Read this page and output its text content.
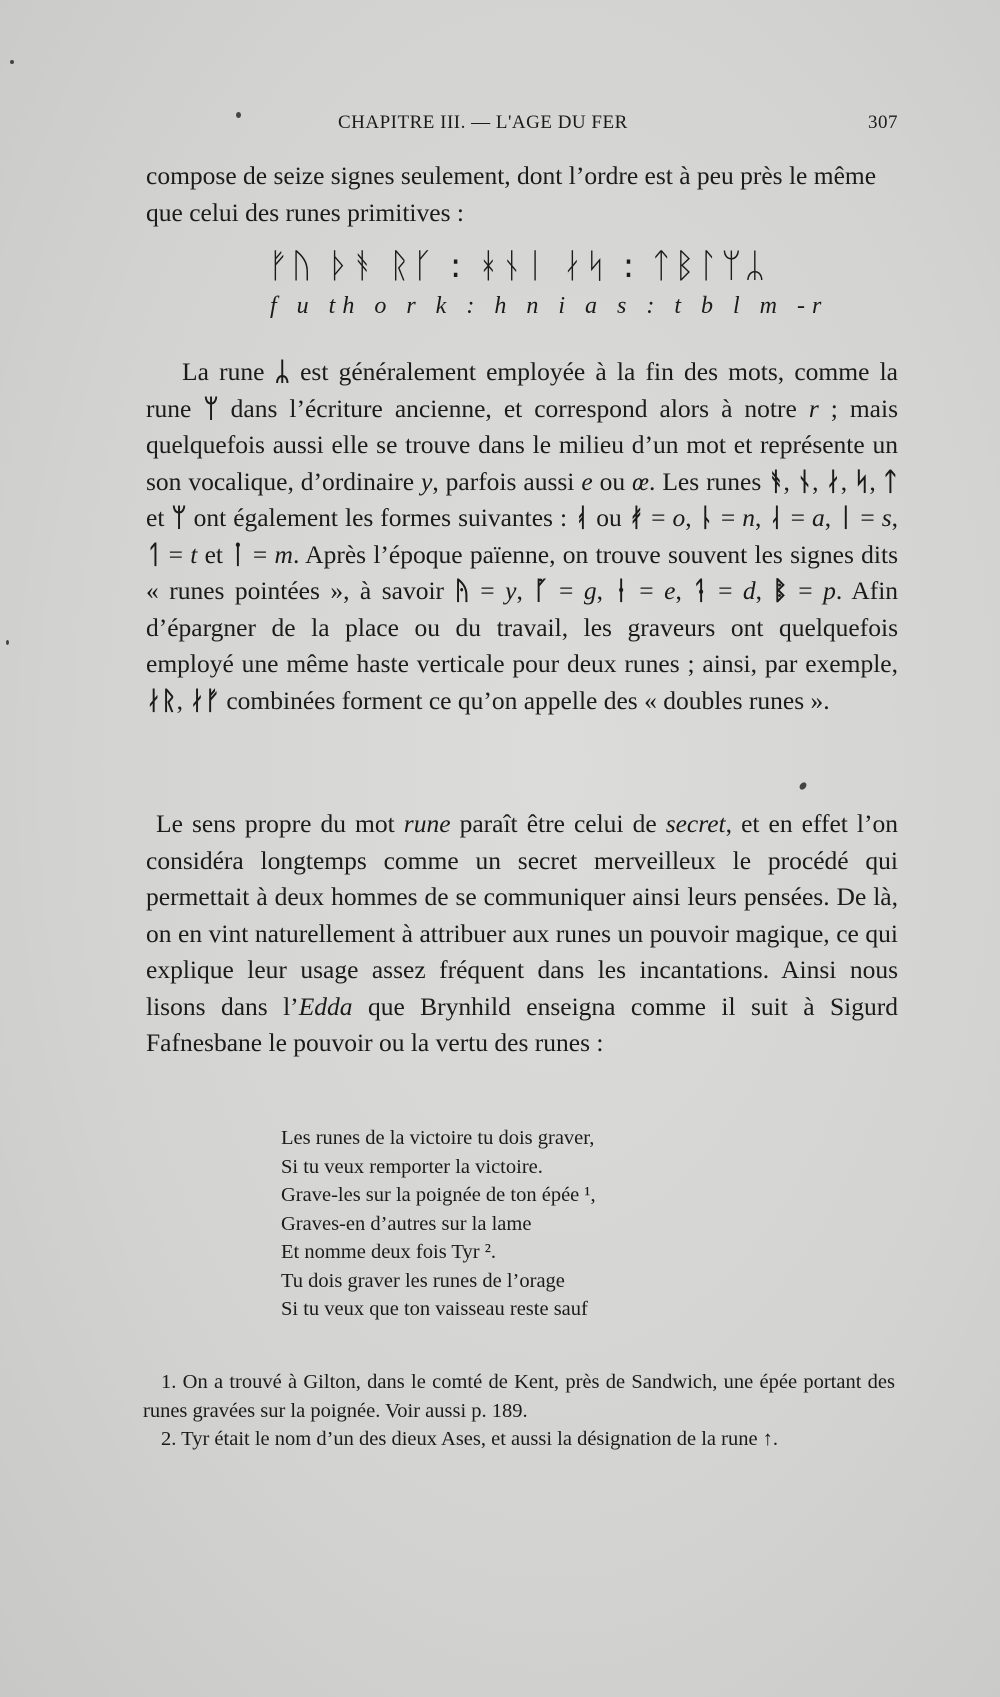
CHAPITRE III. — L'AGE DU FER	307
compose de seize signes seulement, dont l’ordre est à peu près le même que celui des runes primitives :
ᚠᚢ ᚦᚬ ᚱᚴ : ᚼᚾᛁ ᛅᛋ : ᛏᛒᛚᛘᛦ
f u th o r k : h n i a s : t b l m -r
La rune ᛦ est généralement employée à la fin des mots, comme la rune ᛘ dans l’écriture ancienne, et correspond alors à notre r ; mais quelquefois aussi elle se trouve dans le milieu d’un mot et représente un son vocalique, d’ordinaire y, parfois aussi e ou œ. Les runes ᚬ, ᚾ, ᛅ, ᛋ, ᛏ et ᛘ ont également les formes suivantes : ᚮ ou ᚯ = o, ᚿ = n, ᛆ = a, ᛁ = s, ᛐ = t et ᛙ = m. Après l’époque païenne, on trouve souvent les signes dits « runes pointées », à savoir ᚤ = y, ᚵ = g, ᛂ = e, ᛑ = d, ᛔ = p. Afin d’épargner de la place ou du travail, les graveurs ont quelquefois employé une même haste verticale pour deux runes ; ainsi, par exemple, ᛅᚱ, ᛅᚠ combinées forment ce qu’on appelle des « doubles runes ».
Le sens propre du mot rune paraît être celui de secret, et en effet l’on considéra longtemps comme un secret merveilleux le procédé qui permettait à deux hommes de se communiquer ainsi leurs pensées. De là, on en vint naturellement à attribuer aux runes un pouvoir magique, ce qui explique leur usage assez fréquent dans les incantations. Ainsi nous lisons dans l’Edda que Brynhild enseigna comme il suit à Sigurd Fafnesbane le pouvoir ou la vertu des runes :
Les runes de la victoire tu dois graver,
Si tu veux remporter la victoire.
Grave-les sur la poignée de ton épée ¹,
Graves-en d’autres sur la lame
Et nomme deux fois Tyr ².
Tu dois graver les runes de l’orage
Si tu veux que ton vaisseau reste sauf
1. On a trouvé à Gilton, dans le comté de Kent, près de Sandwich, une épée portant des runes gravées sur la poignée. Voir aussi p. 189.
2. Tyr était le nom d’un des dieux Ases, et aussi la désignation de la rune ↑.
